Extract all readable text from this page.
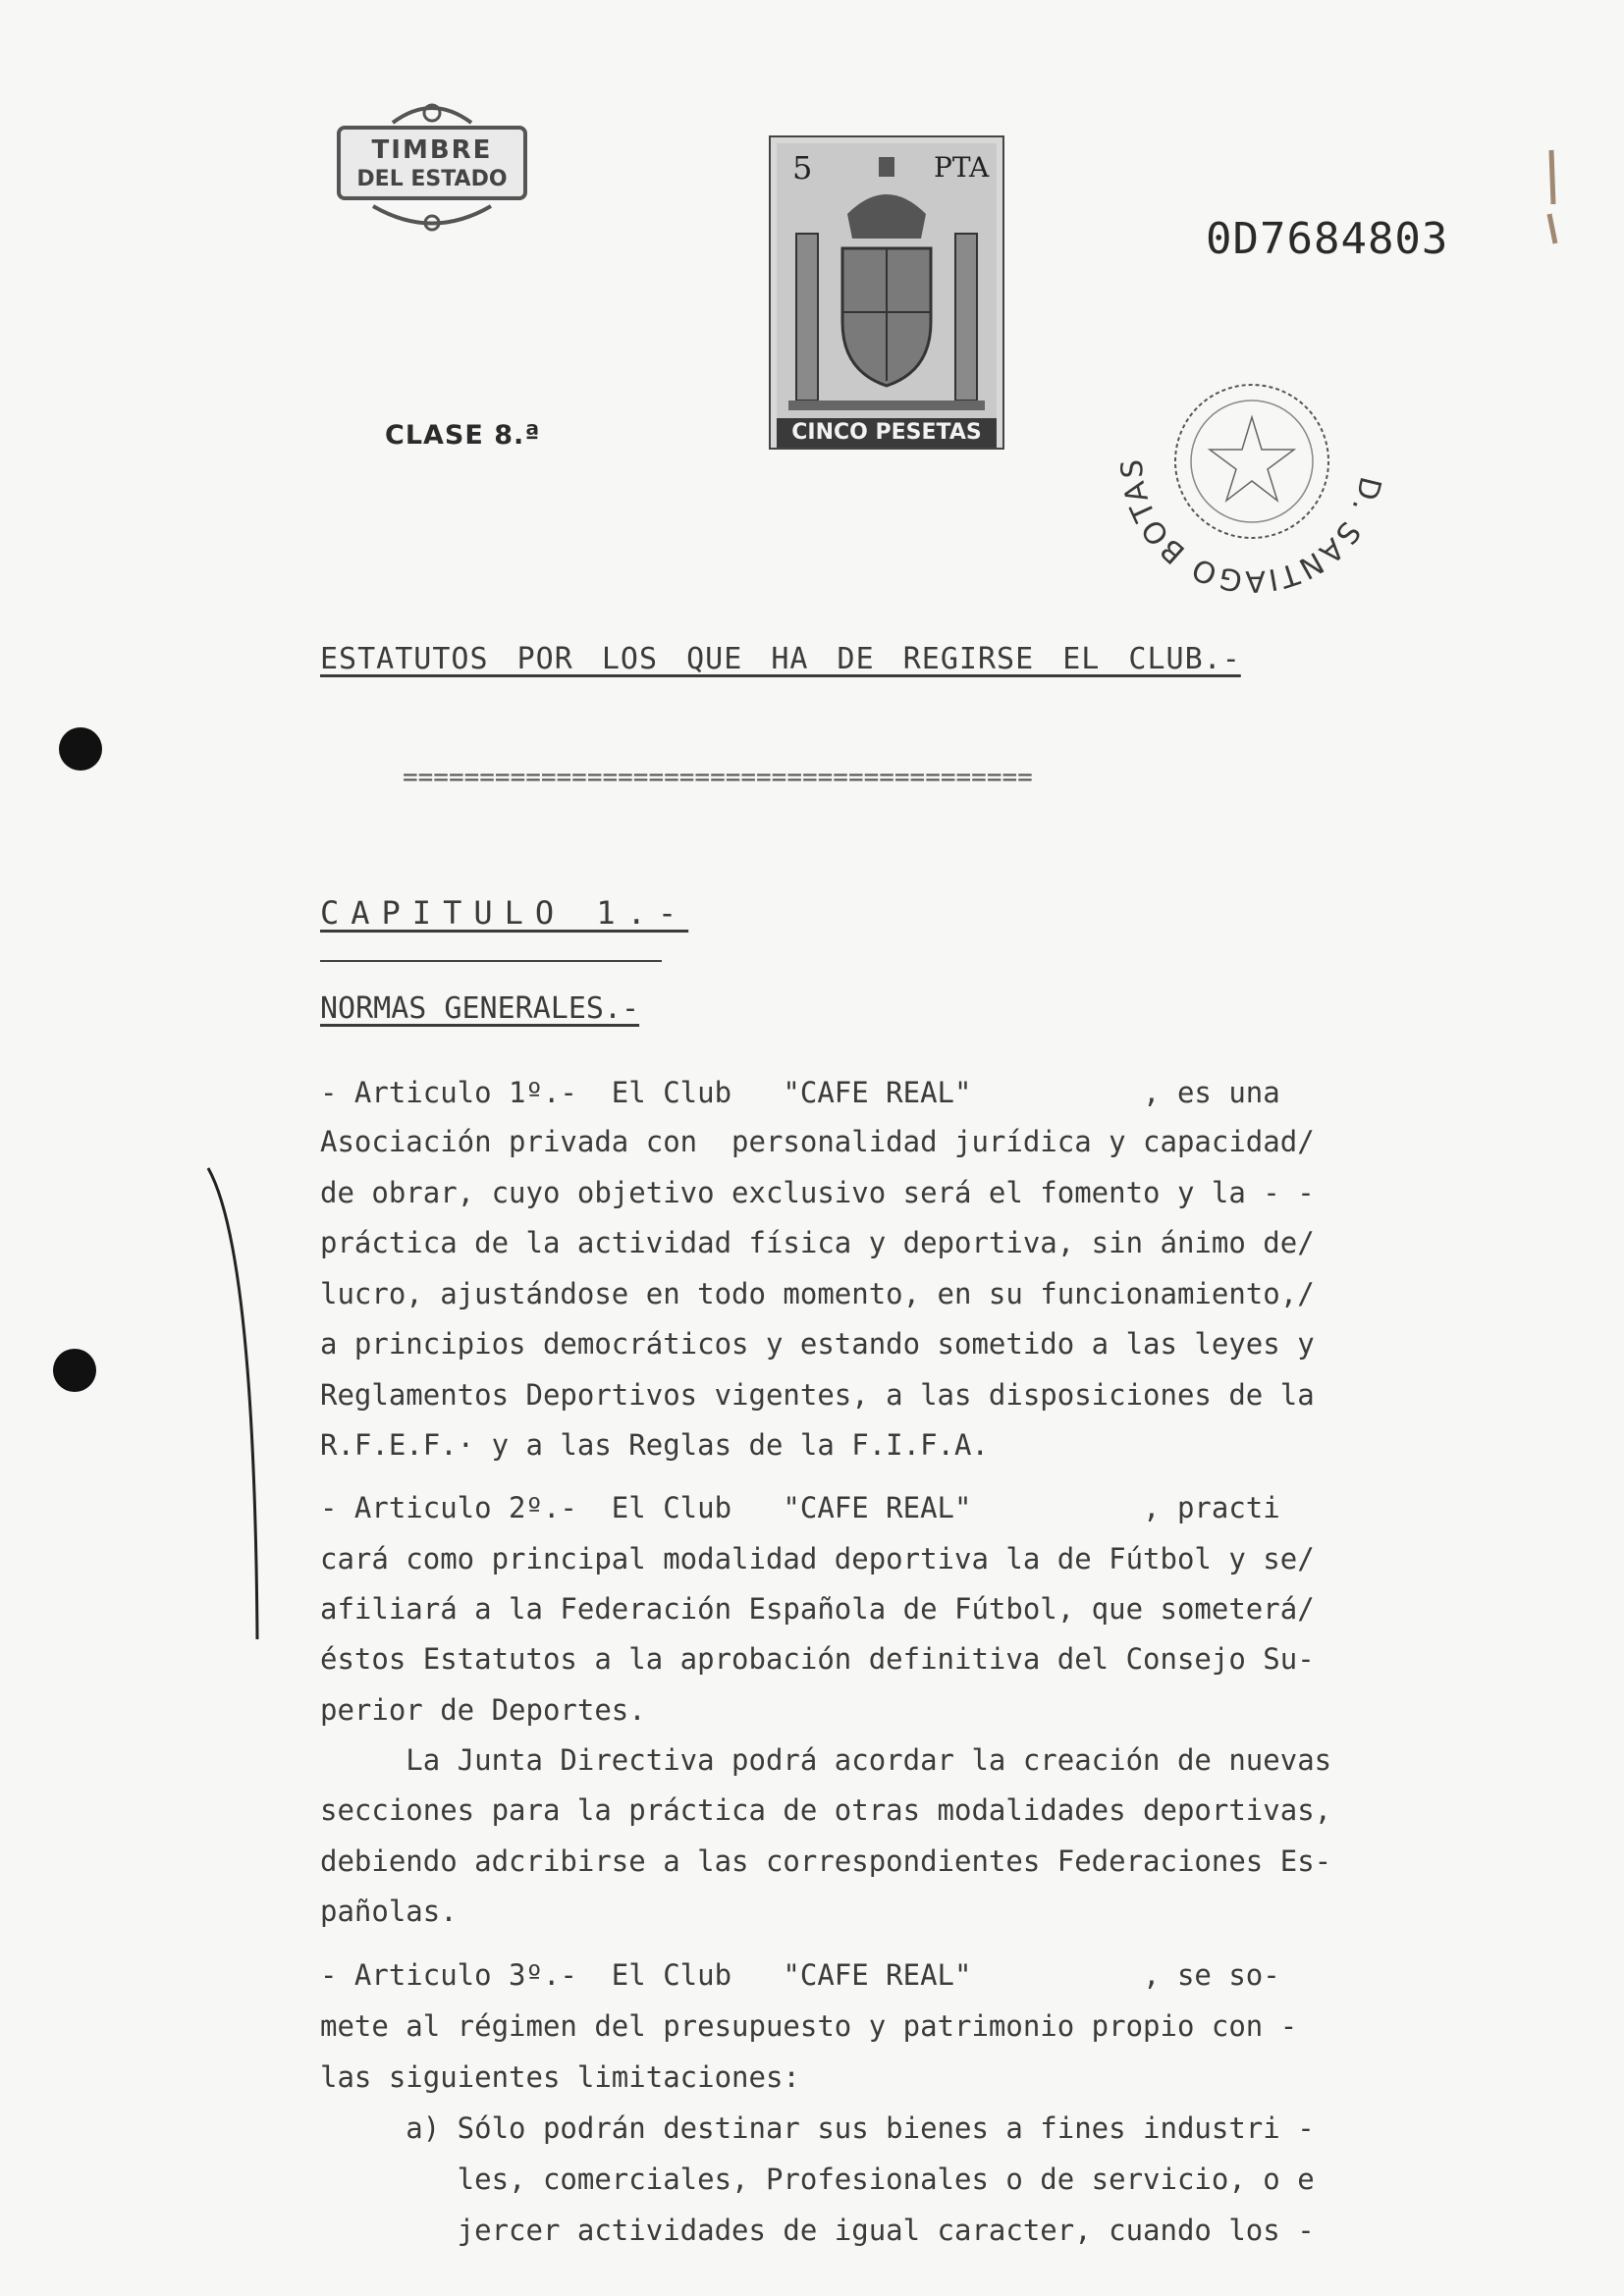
TIMBRE
DEL ESTADO
CLASE 8.ª
5	PTA
CINCO PESETAS
0D7684803
D. SANTIAGO BOTAS
ESTATUTOS POR LOS QUE HA DE REGIRSE EL CLUB.-
=========================================
CAPITULO 1.-
NORMAS GENERALES.-
- Articulo 1º.-  El Club   "CAFE REAL"          , es una
Asociación privada con  personalidad jurídica y capacidad/
de obrar, cuyo objetivo exclusivo será el fomento y la - -
práctica de la actividad física y deportiva, sin ánimo de/
lucro, ajustándose en todo momento, en su funcionamiento,/
a principios democráticos y estando sometido a las leyes y
Reglamentos Deportivos vigentes, a las disposiciones de la
R.F.E.F.· y a las Reglas de la F.I.F.A.
- Articulo 2º.-  El Club   "CAFE REAL"          , practi
cará como principal modalidad deportiva la de Fútbol y se/
afiliará a la Federación Española de Fútbol, que someterá/
éstos Estatutos a la aprobación definitiva del Consejo Su-
perior de Deportes.
La Junta Directiva podrá acordar la creación de nuevas
secciones para la práctica de otras modalidades deportivas,
debiendo adcribirse a las correspondientes Federaciones Es-
pañolas.
- Articulo 3º.-  El Club   "CAFE REAL"          , se so-
mete al régimen del presupuesto y patrimonio propio con -
las siguientes limitaciones:
a) Sólo podrán destinar sus bienes a fines industri -
les, comerciales, Profesionales o de servicio, o e
jercer actividades de igual caracter, cuando los -
